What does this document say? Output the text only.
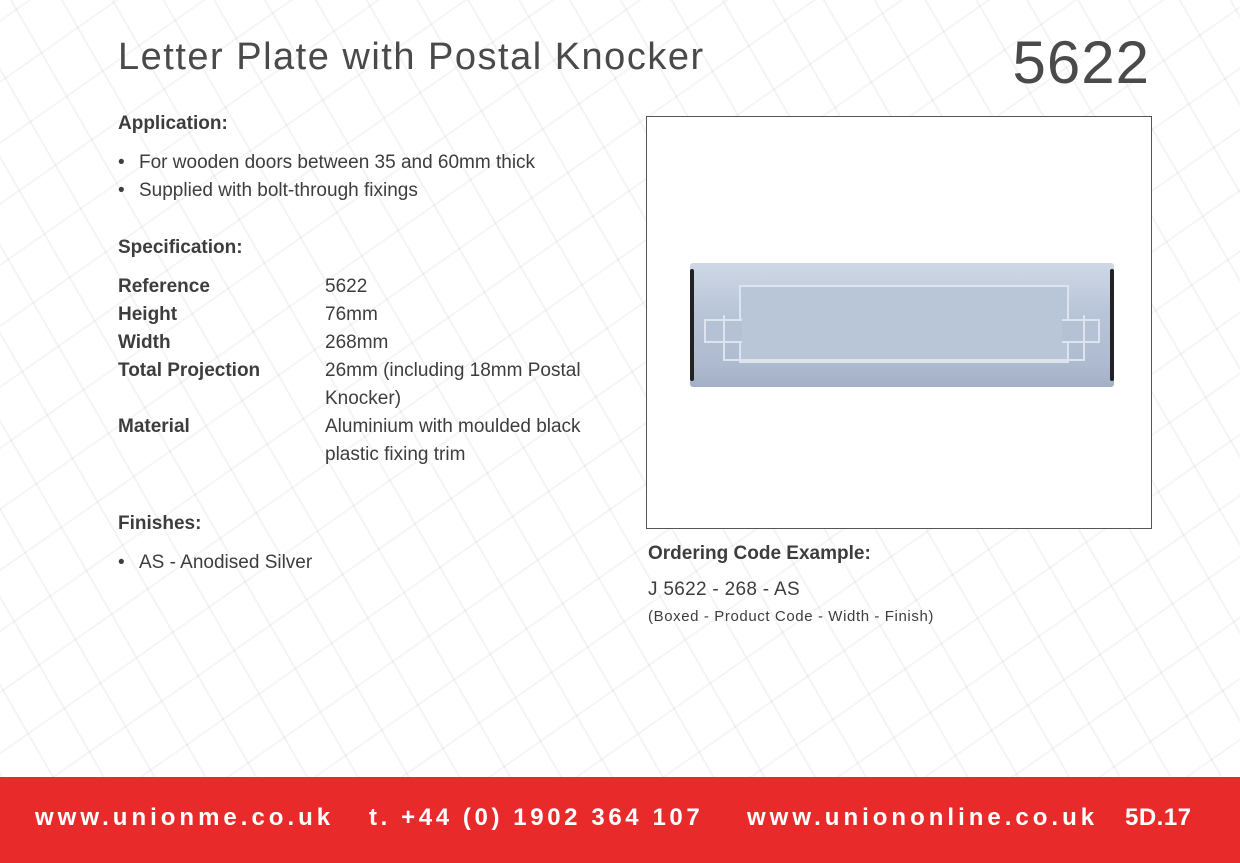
Letter Plate with Postal Knocker	5622
Application:
• For wooden doors between 35 and 60mm thick
• Supplied with bolt-through fixings
Specification:
Reference	5622
Height	76mm
Width	268mm
Total Projection	26mm (including 18mm Postal Knocker)
Material	Aluminium with moulded black plastic fixing trim
Finishes:
• AS - Anodised Silver	Ordering Code Example:
J 5622 - 268 - AS
(Boxed - Product Code - Width - Finish)
www.unionme.co.uk t. +44 (0) 1902 364 107 www.uniononline.co.uk 5D.17
